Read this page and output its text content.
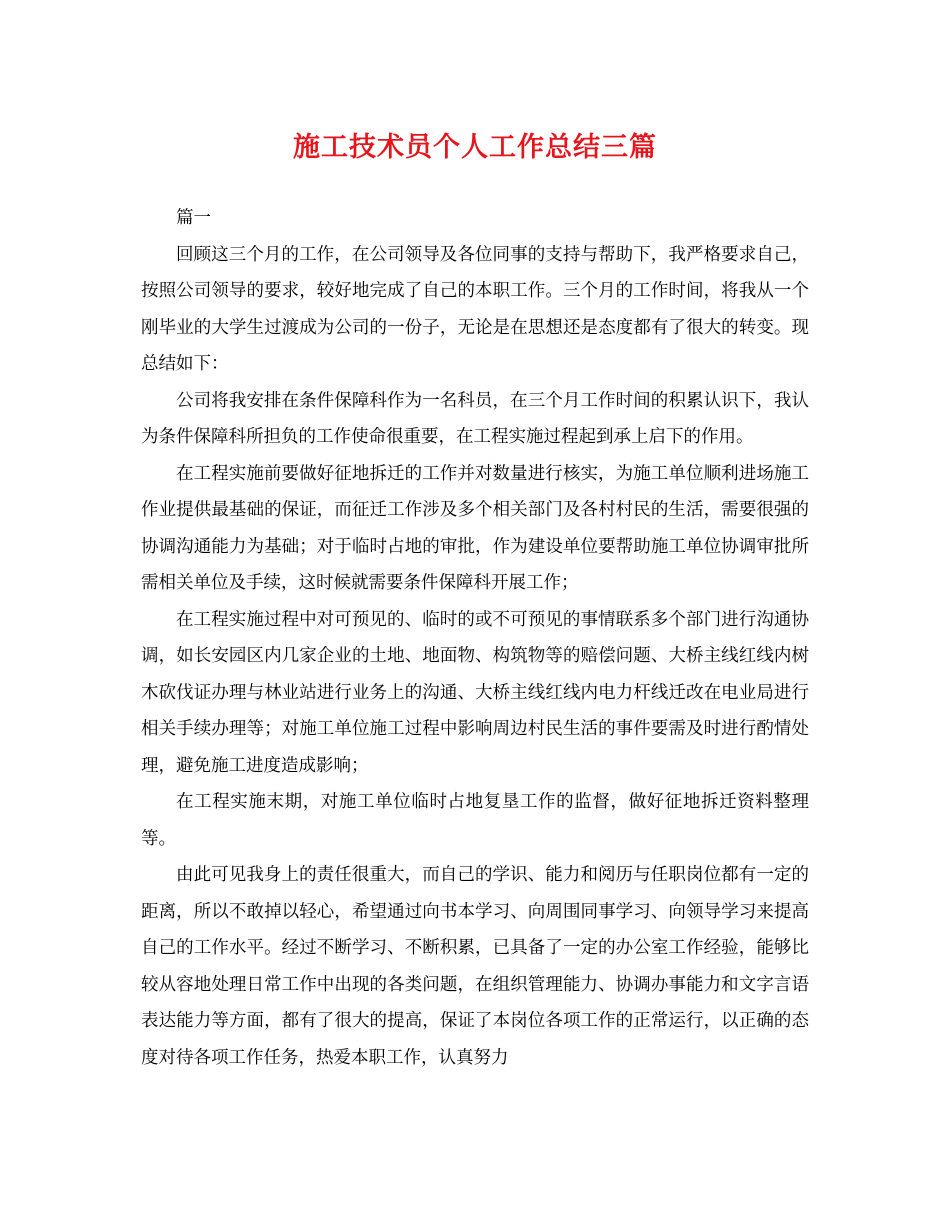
施工技术员个人工作总结三篇

篇一

回顾这三个月的工作，在公司领导及各位同事的支持与帮助下，我严格要求自己，按照公司领导的要求，较好地完成了自己的本职工作。三个月的工作时间，将我从一个刚毕业的大学生过渡成为公司的一份子，无论是在思想还是态度都有了很大的转变。现总结如下：

公司将我安排在条件保障科作为一名科员，在三个月工作时间的积累认识下，我认为条件保障科所担负的工作使命很重要，在工程实施过程起到承上启下的作用。

在工程实施前要做好征地拆迁的工作并对数量进行核实，为施工单位顺利进场施工作业提供最基础的保证，而征迁工作涉及多个相关部门及各村村民的生活，需要很强的协调沟通能力为基础；对于临时占地的审批，作为建设单位要帮助施工单位协调审批所需相关单位及手续，这时候就需要条件保障科开展工作；

在工程实施过程中对可预见的、临时的或不可预见的事情联系多个部门进行沟通协调，如长安园区内几家企业的土地、地面物、构筑物等的赔偿问题、大桥主线红线内树木砍伐证办理与林业站进行业务上的沟通、大桥主线红线内电力杆线迁改在电业局进行相关手续办理等；对施工单位施工过程中影响周边村民生活的事件要需及时进行酌情处理，避免施工进度造成影响；

在工程实施末期，对施工单位临时占地复垦工作的监督，做好征地拆迁资料整理等。

由此可见我身上的责任很重大，而自己的学识、能力和阅历与任职岗位都有一定的距离，所以不敢掉以轻心，希望通过向书本学习、向周围同事学习、向领导学习来提高自己的工作水平。经过不断学习、不断积累，已具备了一定的办公室工作经验，能够比较从容地处理日常工作中出现的各类问题，在组织管理能力、协调办事能力和文字言语表达能力等方面，都有了很大的提高，保证了本岗位各项工作的正常运行，以正确的态度对待各项工作任务，热爱本职工作，认真努力
